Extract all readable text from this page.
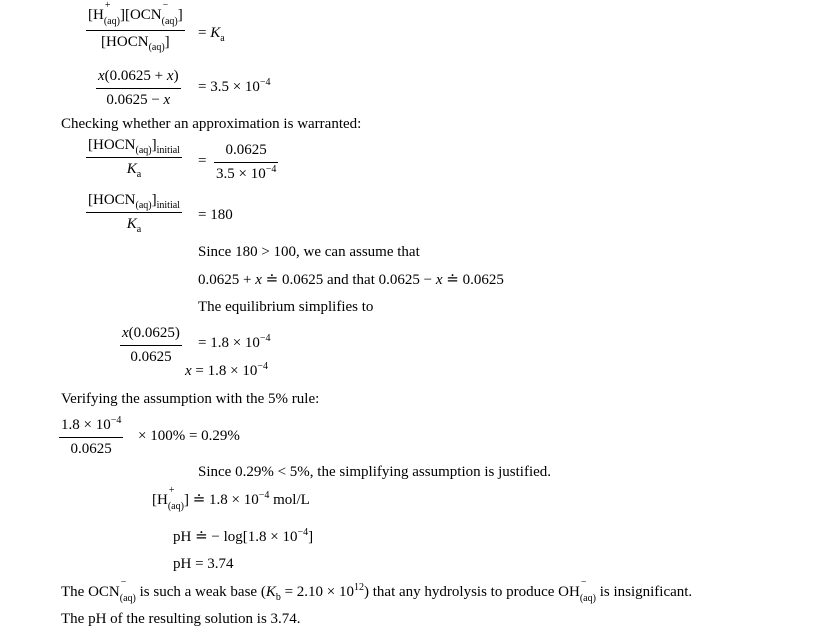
[H
+
(aq)][OCN
−
(aq)]
$[HOCN_{(aq)}]$
= $K_a$
$\frac{x(0.0625 + x)}{0.0625 - x} = 3.5 \times 10^{-4}$
Checking whether an approximation is warranted:
$[HOCN_{(aq)}]_{initial}$
$K_a$
= $\frac{0.0625}{3.5 \times 10^{-4}}$
$[HOCN_{(aq)}]_{initial}$
$K_a$
= 180
Since 180 > 100, we can assume that
0.0625 + x ≐ 0.0625 and that 0.0625 − x ≐ 0.0625
The equilibrium simplifies to
$\frac{x(0.0625)}{0.0625} = 1.8 \times 10^{-4}$
$x = 1.8 \times 10^{-4}$
Verifying the assumption with the 5% rule:
$\frac{1.8 \times 10^{-4}}{0.0625} \times 100\% = 0.29\%$
Since 0.29% < 5%, the simplifying assumption is justified.
[H
+
(aq)] ≐ $1.8 \times 10^{-4}$ mol/L
pH ≐ − $\log[1.8 \times 10^{-4}]$
pH = 3.74
The OCN
−
(aq) is such a weak base $(K_b = 2.10 \times 10^{12})$ that any hydrolysis to produce OH
−
(aq) is insignificant.
The pH of the resulting solution is 3.74.
